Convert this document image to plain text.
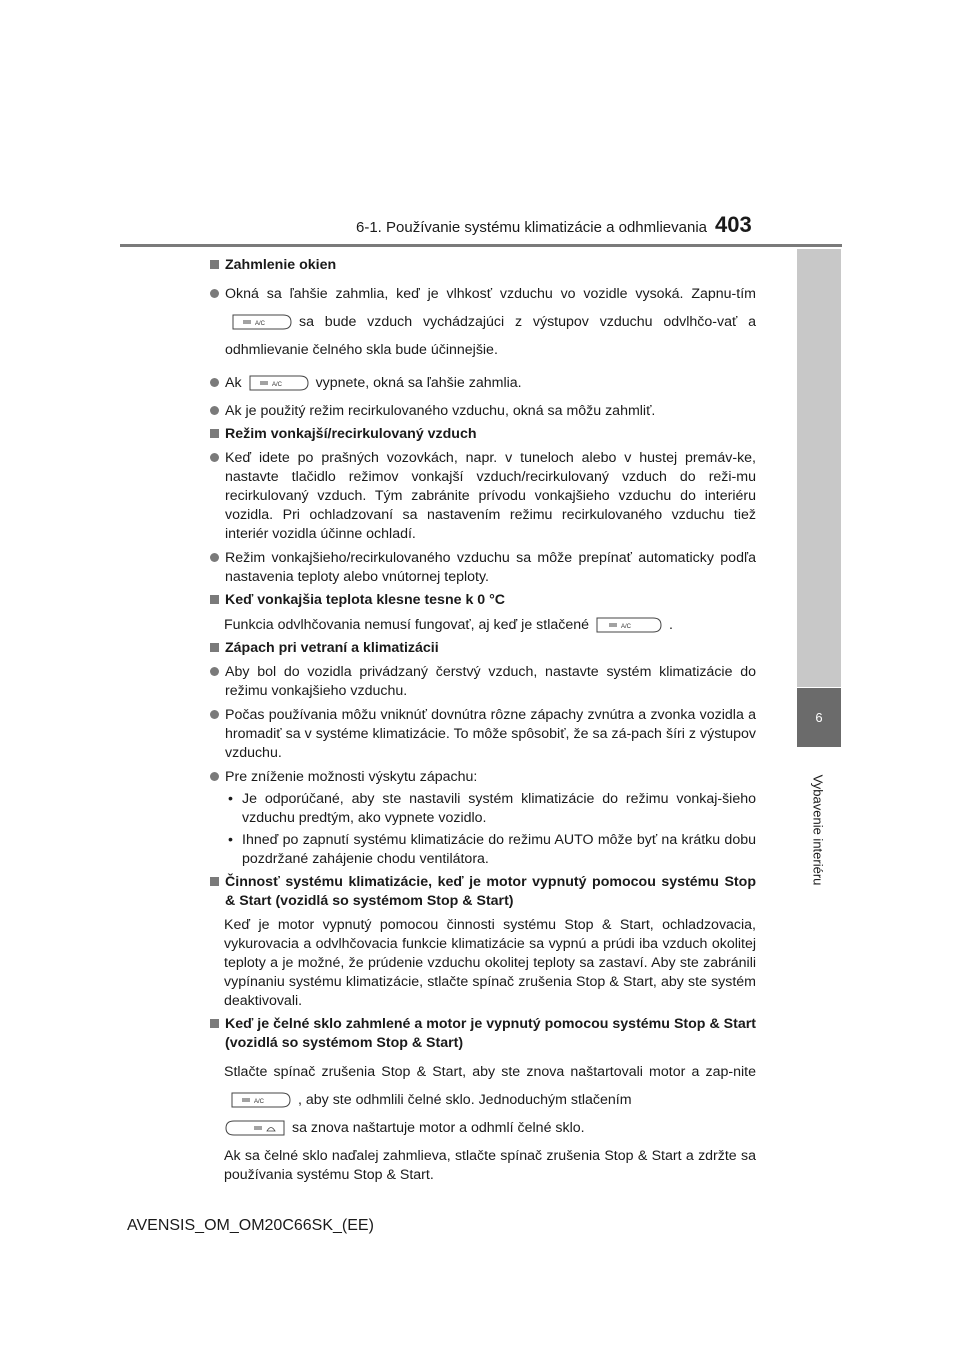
6-1. Používanie systému klimatizácie a odhmlievania 403
6
Vybavenie interiéru
Zahmlenie okien
Okná sa ľahšie zahmlia, keď je vlhkosť vzduchu vo vozidle vysoká. Zapnu-tím
A/C sa bude vzduch vychádzajúci z výstupov vzduchu odvlhčo-vať a odhmlievanie čelného skla bude účinnejšie.
Ak	A/C vypnete, okná sa ľahšie zahmlia.
Ak je použitý režim recirkulovaného vzduchu, okná sa môžu zahmliť.
Režim vonkajší/recirkulovaný vzduch
Keď idete po prašných vozovkách, napr. v tuneloch alebo v hustej premáv-ke, nastavte tlačidlo režimov vonkajší vzduch/recirkulovaný vzduch do reži-mu recirkulovaný vzduch. Tým zabránite prívodu vonkajšieho vzduchu do interiéru vozidla. Pri ochladzovaní sa nastavením režimu recirkulovaného vzduchu tiež interiér vozidla účinne ochladí.
Režim vonkajšieho/recirkulovaného vzduchu sa môže prepínať automaticky podľa nastavenia teploty alebo vnútornej teploty.
Keď vonkajšia teplota klesne tesne k 0 °C
Funkcia odvlhčovania nemusí fungovať, aj keď je stlačené	A/C	.
Zápach pri vetraní a klimatizácii
Aby bol do vozidla privádzaný čerstvý vzduch, nastavte systém klimatizácie do režimu vonkajšieho vzduchu.
Počas používania môžu vniknúť dovnútra rôzne zápachy zvnútra a zvonka vozidla a hromadiť sa v systéme klimatizácie. To môže spôsobiť, že sa zá-pach šíri z výstupov vzduchu.
Pre zníženie možnosti výskytu zápachu:
• Je odporúčané, aby ste nastavili systém klimatizácie do režimu vonkaj-šieho vzduchu predtým, ako vypnete vozidlo.
• Ihneď po zapnutí systému klimatizácie do režimu AUTO môže byť na krátku dobu pozdržané zahájenie chodu ventilátora.
Činnosť systému klimatizácie, keď je motor vypnutý pomocou systému Stop & Start (vozidlá so systémom Stop & Start)
Keď je motor vypnutý pomocou činnosti systému Stop & Start, ochladzovacia, vykurovacia a odvlhčovacia funkcie klimatizácie sa vypnú a prúdi iba vzduch okolitej teploty a je možné, že prúdenie vzduchu okolitej teploty sa zastaví. Aby ste zabránili vypínaniu systému klimatizácie, stlačte spínač zrušenia Stop & Start, aby ste systém deaktivovali.
Keď je čelné sklo zahmlené a motor je vypnutý pomocou systému Stop & Start (vozidlá so systémom Stop & Start)
Stlačte spínač zrušenia Stop & Start, aby ste znova naštartovali motor a zap-nite
A/C , aby ste odhmlili čelné sklo. Jednoduchým stlačením

sa znova naštartuje motor a odhmlí čelné sklo.
Ak sa čelné sklo naďalej zahmlieva, stlačte spínač zrušenia Stop & Start a zdržte sa používania systému Stop & Start.
AVENSIS_OM_OM20C66SK_(EE)
